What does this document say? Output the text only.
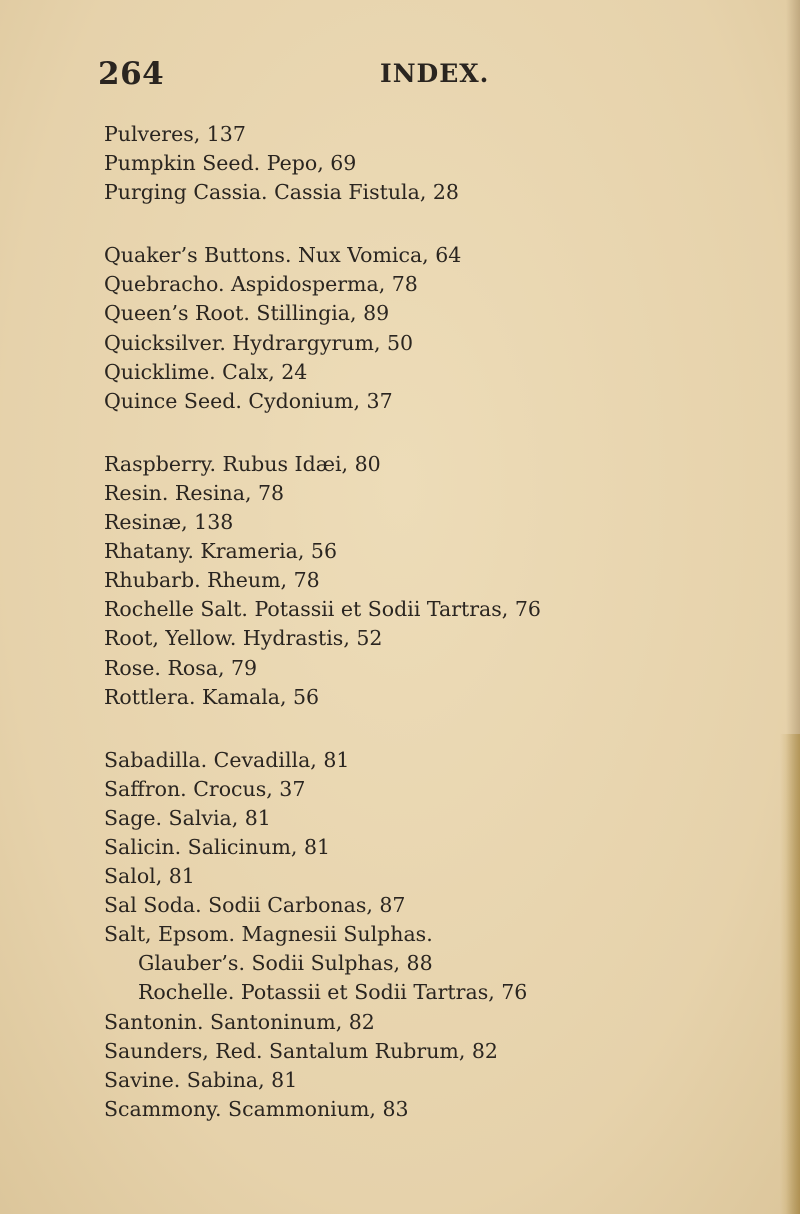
264	INDEX.
Pulveres, 137
Pumpkin Seed. Pepo, 69
Purging Cassia. Cassia Fistula, 28
Quaker’s Buttons. Nux Vomica, 64
Quebracho. Aspidosperma, 78
Queen’s Root. Stillingia, 89
Quicksilver. Hydrargyrum, 50
Quicklime. Calx, 24
Quince Seed. Cydonium, 37
Raspberry. Rubus Idæi, 80
Resin. Resina, 78
Resinæ, 138
Rhatany. Krameria, 56
Rhubarb. Rheum, 78
Rochelle Salt. Potassii et Sodii Tartras, 76
Root, Yellow. Hydrastis, 52
Rose. Rosa, 79
Rottlera. Kamala, 56
Sabadilla. Cevadilla, 81
Saffron. Crocus, 37
Sage. Salvia, 81
Salicin. Salicinum, 81
Salol, 81
Sal Soda. Sodii Carbonas, 87
Salt, Epsom. Magnesii Sulphas.
Glauber’s. Sodii Sulphas, 88
Rochelle. Potassii et Sodii Tartras, 76
Santonin. Santoninum, 82
Saunders, Red. Santalum Rubrum, 82
Savine. Sabina, 81
Scammony. Scammonium, 83
